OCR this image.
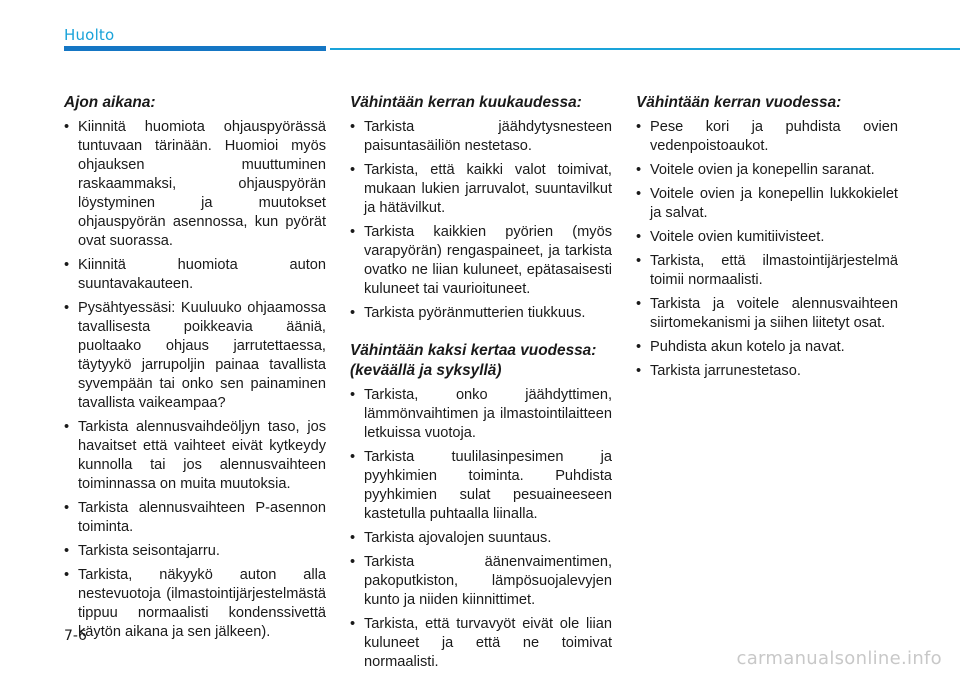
Huolto
Ajon aikana:
• Kiinnitä huomiota ohjauspyörässä tuntuvaan tärinään. Huomioi myös ohjauksen muuttuminen raskaammaksi, ohjauspyörän löystyminen ja muutokset ohjauspyörän asennossa, kun pyörät ovat suorassa.
• Kiinnitä huomiota auton suuntavakauteen.
• Pysähtyessäsi: Kuuluuko ohjaamossa tavallisesta poikkeavia ääniä, puoltaako ohjaus jarrutettaessa, täytyykö jarrupoljin painaa tavallista syvempään tai onko sen painaminen tavallista vaikeampaa?
• Tarkista alennusvaihdeöljyn taso, jos havaitset että vaihteet eivät kytkeydy kunnolla tai jos alennusvaihteen toiminnassa on muita muutoksia.
• Tarkista alennusvaihteen P-asennon toiminta.
• Tarkista seisontajarru.
• Tarkista, näkyykö auton alla nestevuotoja (ilmastointijärjestelmästä tippuu normaalisti kondenssivettä käytön aikana ja sen jälkeen).
Vähintään kerran kuukaudessa:
• Tarkista jäähdytysnesteen paisuntasäiliön nestetaso.
• Tarkista, että kaikki valot toimivat, mukaan lukien jarruvalot, suuntavilkut ja hätävilkut.
• Tarkista kaikkien pyörien (myös varapyörän) rengaspaineet, ja tarkista ovatko ne liian kuluneet, epätasaisesti kuluneet tai vaurioituneet.
• Tarkista pyöränmutterien tiukkuus.
Vähintään kaksi kertaa vuodessa: (keväällä ja syksyllä)
• Tarkista, onko jäähdyttimen, lämmönvaihtimen ja ilmastointilaitteen letkuissa vuotoja.
• Tarkista tuulilasinpesimen ja pyyhkimien toiminta. Puhdista pyyhkimien sulat pesuaineeseen kastetulla puhtaalla liinalla.
• Tarkista ajovalojen suuntaus.
• Tarkista äänenvaimentimen, pakoputkiston, lämpösuojalevyjen kunto ja niiden kiinnittimet.
• Tarkista, että turvavyöt eivät ole liian kuluneet ja että ne toimivat normaalisti.
Vähintään kerran vuodessa:
• Pese kori ja puhdista ovien vedenpoistoaukot.
• Voitele ovien ja konepellin saranat.
• Voitele ovien ja konepellin lukkokielet ja salvat.
• Voitele ovien kumitiivisteet.
• Tarkista, että ilmastointijärjestelmä toimii normaalisti.
• Tarkista ja voitele alennusvaihteen siirtomekanismi ja siihen liitetyt osat.
• Puhdista akun kotelo ja navat.
• Tarkista jarrunestetaso.
7-6
carmanualsonline.info
